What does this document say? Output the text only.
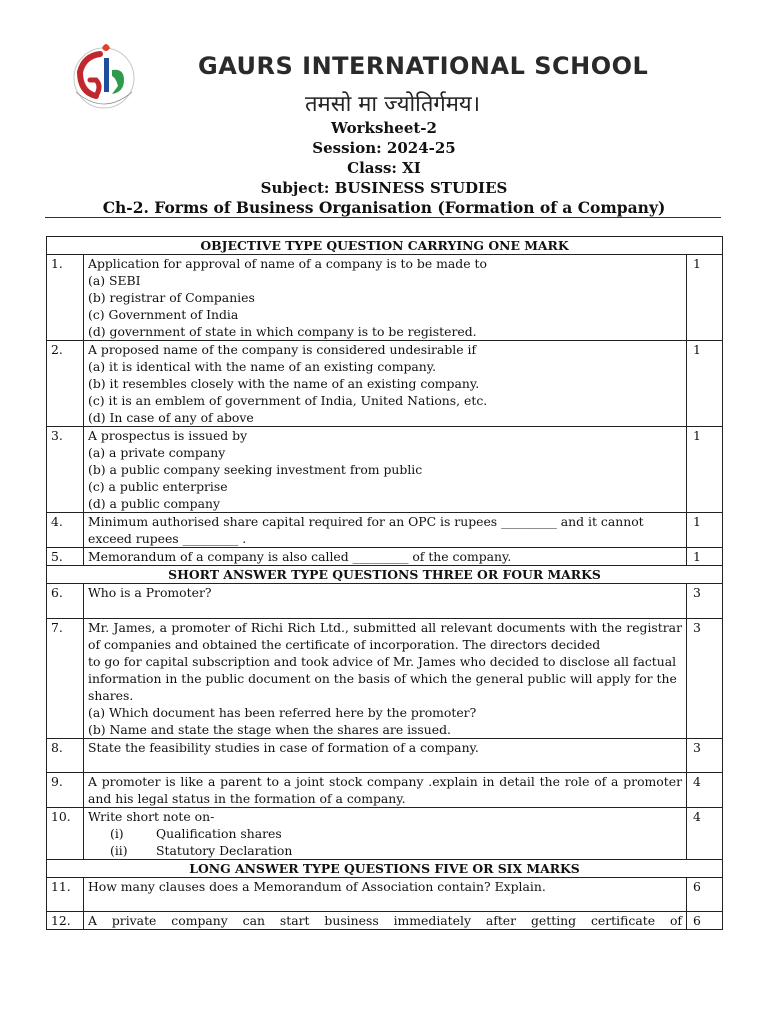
GAURS INTERNATIONAL SCHOOL
तमसो मा ज्योतिर्गमय।
Worksheet-2
Session: 2024-25
Class: XI
Subject: BUSINESS STUDIES
Ch-2. Forms of Business Organisation (Formation of a Company)
OBJECTIVE TYPE QUESTION CARRYING ONE MARK		
1.	Application for approval of name of a company is to be made to
(a) SEBI
(b) registrar of Companies
(c) Government of India
(d) government of state in which company is to be registered.	1
2.	A proposed name of the company is considered undesirable if
(a) it is identical with the name of an existing company.
(b) it resembles closely with the name of an existing company.
(c) it is an emblem of government of India, United Nations, etc.
(d) In case of any of above	1
3.	A prospectus is issued by
(a) a private company
(b) a public company seeking investment from public
(c) a public enterprise
(d) a public company	1
4.	Minimum authorised share capital required for an OPC is rupees _________ and it cannot exceed rupees _________ .	1
5.	Memorandum of a company is also called _________ of the company.	1
SHORT ANSWER TYPE QUESTIONS THREE OR FOUR MARKS		
6.	Who is a Promoter?	3
7.	Mr. James, a promoter of Richi Rich Ltd., submitted all relevant documents with the registrar of companies and obtained the certificate of incorporation. The directors decided
to go for capital subscription and took advice of Mr. James who decided to disclose all factual information in the public document on the basis of which the general public will apply for the shares.
(a) Which document has been referred here by the promoter?
(b) Name and state the stage when the shares are issued.	3
8.	State the feasibility studies in case of formation of a company.	3
9.	A promoter is like a parent to a joint stock company .explain in detail the role of a promoter and his legal status in the formation of a company.	4
10.	Write short note on-
(i) Qualification shares
(ii) Statutory Declaration	4
LONG ANSWER TYPE QUESTIONS FIVE OR SIX MARKS		
11.	How many clauses does a Memorandum of Association contain? Explain.	6
12.	A private company can start business immediately after getting certificate of	6
